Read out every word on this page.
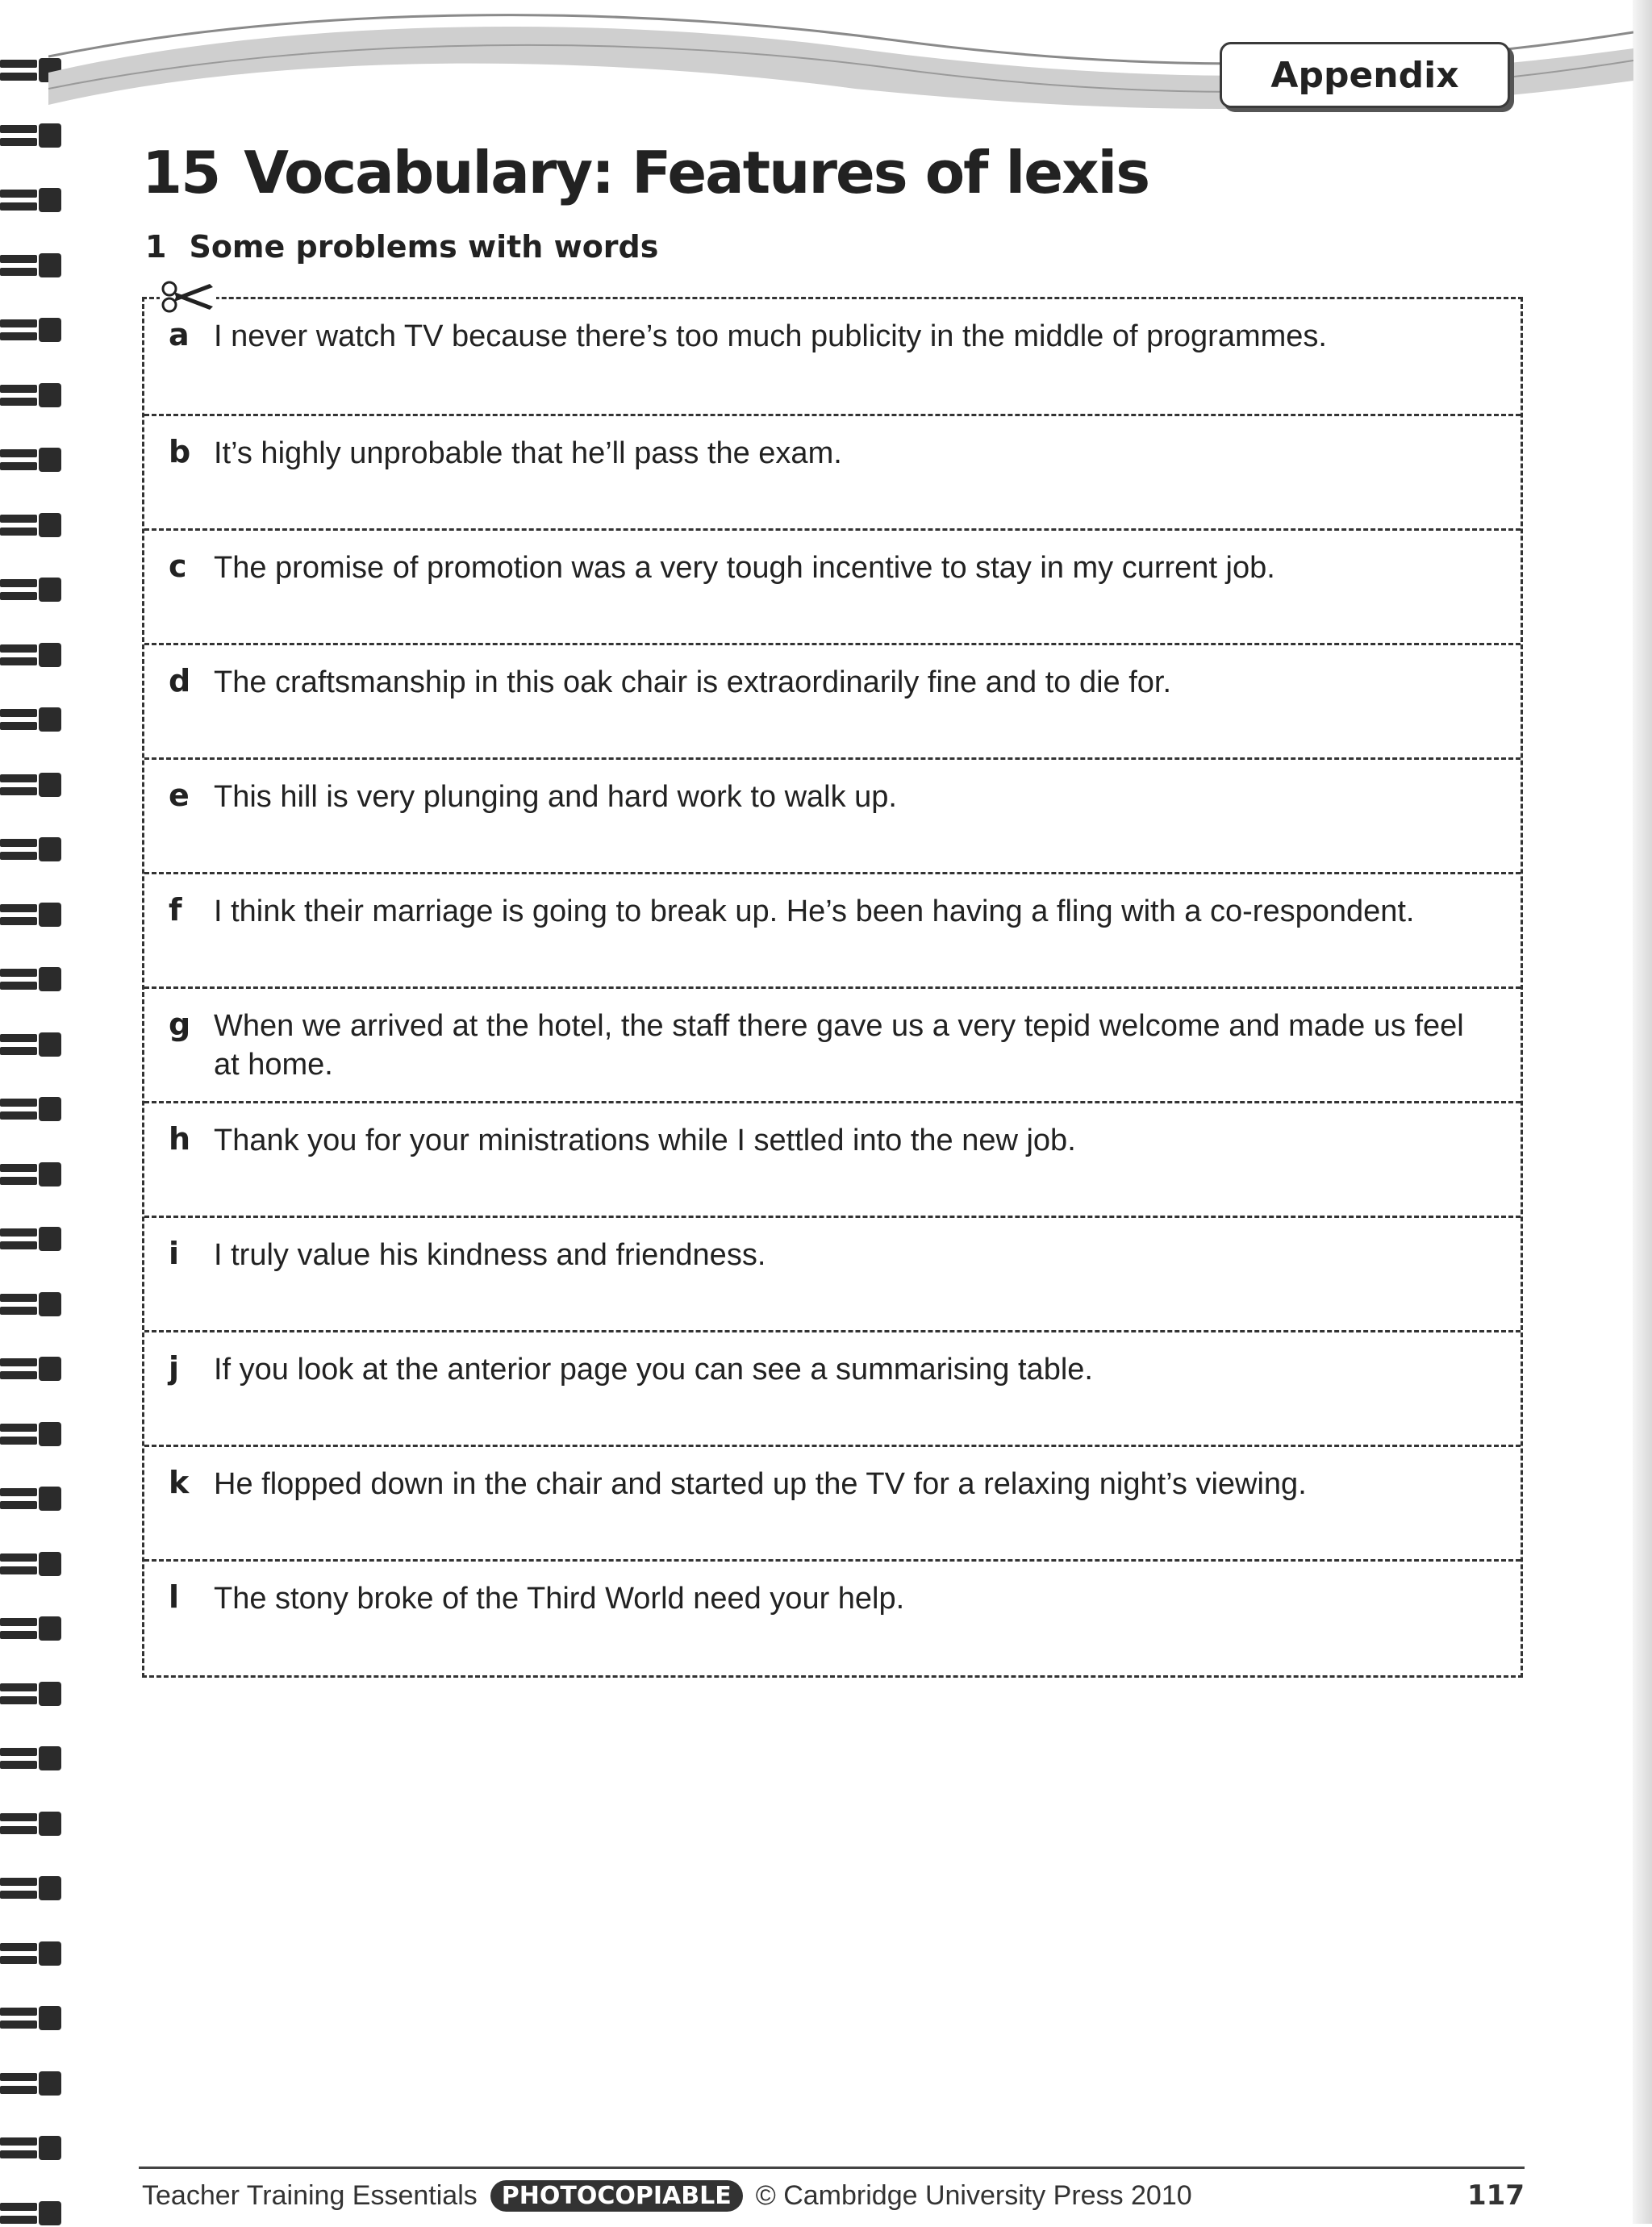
Appendix
15 Vocabulary: Features of lexis
1 Some problems with words
a I never watch TV because there’s too much publicity in the middle of programmes.
b It’s highly unprobable that he’ll pass the exam.
c The promise of promotion was a very tough incentive to stay in my current job.
d The craftsmanship in this oak chair is extraordinarily fine and to die for.
e This hill is very plunging and hard work to walk up.
f I think their marriage is going to break up. He’s been having a fling with a co-respondent.
g When we arrived at the hotel, the staff there gave us a very tepid welcome and made us feel at home.
h Thank you for your ministrations while I settled into the new job.
i I truly value his kindness and friendness.
j If you look at the anterior page you can see a summarising table.
k He flopped down in the chair and started up the TV for a relaxing night’s viewing.
l The stony broke of the Third World need your help.
Teacher Training Essentials	PHOTOCOPIABLE © Cambridge University Press 2010	117
